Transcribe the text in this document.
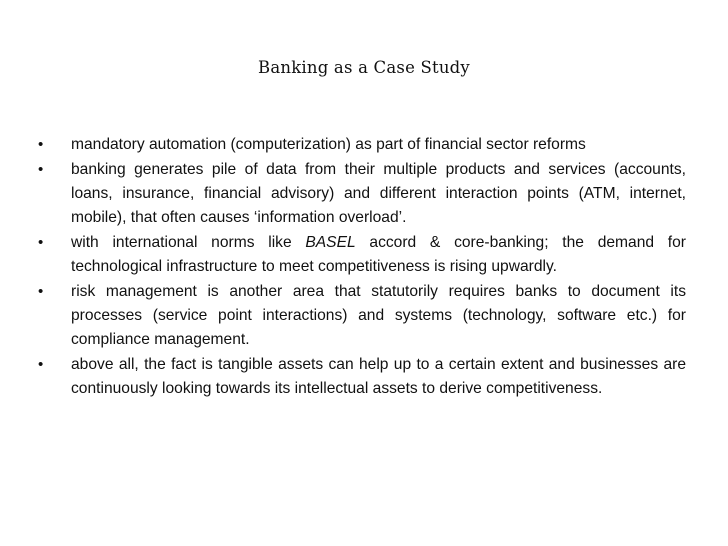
Banking as a Case Study
• mandatory automation (computerization) as part of financial sector reforms
• banking generates pile of data from their multiple products and services (accounts, loans, insurance, financial advisory) and different interaction points (ATM, internet, mobile), that often causes ‘information overload’.
• with international norms like BASEL accord & core-banking; the demand for technological infrastructure to meet competitiveness is rising upwardly.
• risk management is another area that statutorily requires banks to document its processes (service point interactions) and systems (technology, software etc.) for compliance management.
• above all, the fact is tangible assets can help up to a certain extent and businesses are continuously looking towards its intellectual assets to derive competitiveness.
